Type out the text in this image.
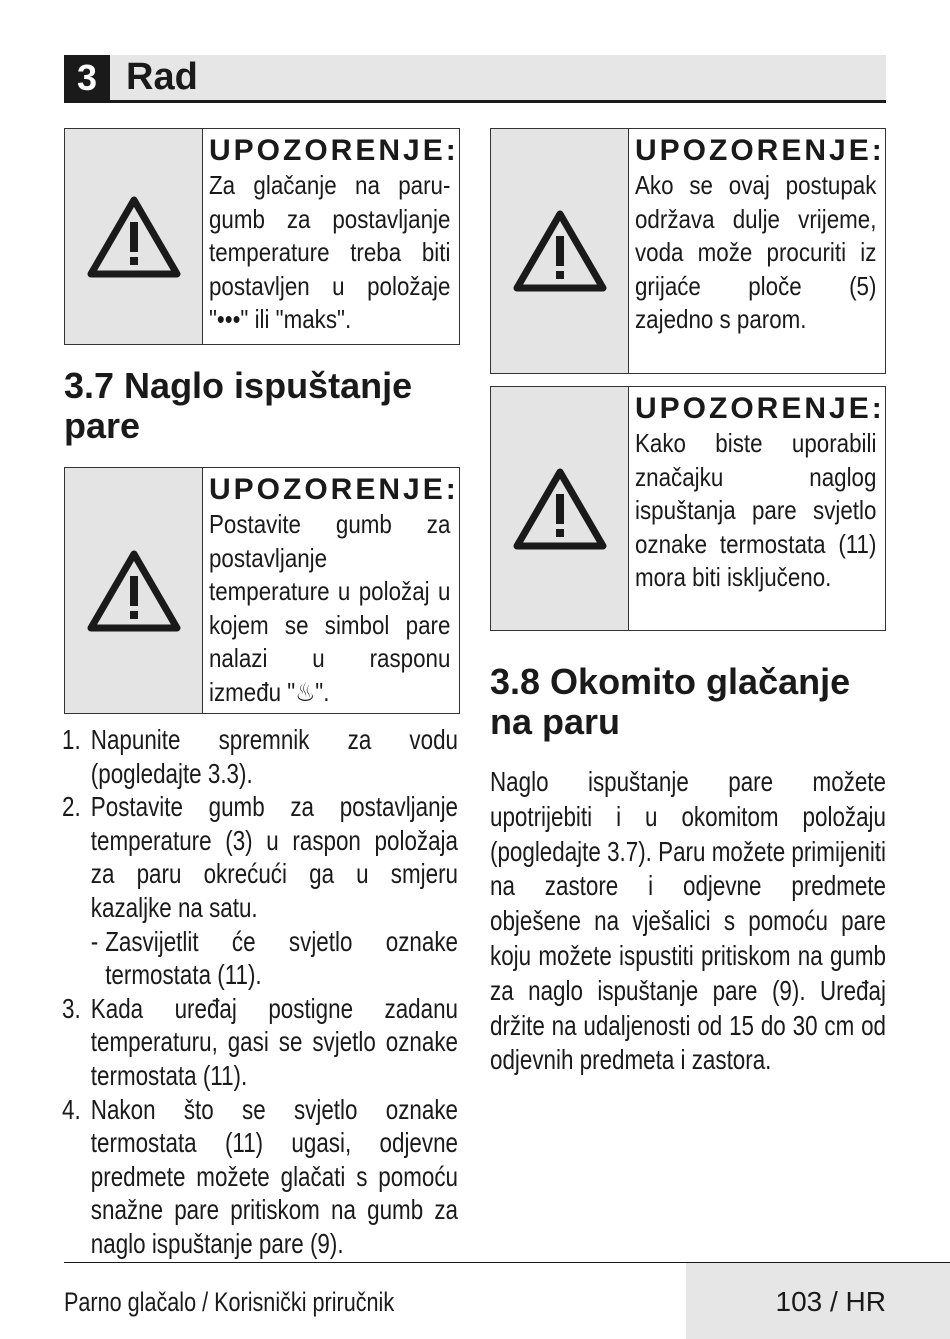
3 Rad
UPOZORENJE:
Za glačanje na paru-gumb za postavljanje temperature treba biti postavljen u položaje "•••" ili "maks".
3.7 Naglo ispuštanje pare
UPOZORENJE:
Postavite gumb za postavljanje temperature u položaj u kojem se simbol pare nalazi u rasponu između "♨".
1. Napunite spremnik za vodu (pogledajte 3.3).
2. Postavite gumb za postavljanje temperature (3) u raspon položaja za paru okrećući ga u smjeru kazaljke na satu.
- Zasvijetlit će svjetlo oznake termostata (11).
3. Kada uređaj postigne zadanu temperaturu, gasi se svjetlo oznake termostata (11).
4. Nakon što se svjetlo oznake termostata (11) ugasi, odjevne predmete možete glačati s pomoću snažne pare pritiskom na gumb za naglo ispuštanje pare (9).
UPOZORENJE:
Ako se ovaj postupak održava dulje vrijeme, voda može procuriti iz grijaće ploče (5) zajedno s parom.
UPOZORENJE:
Kako biste uporabili značajku naglog ispuštanja pare svjetlo oznake termostata (11) mora biti isključeno.
3.8 Okomito glačanje na paru

Naglo ispuštanje pare možete upotrijebiti i u okomitom položaju (pogledajte 3.7). Paru možete primijeniti na zastore i odjevne predmete obješene na vješalici s pomoću pare koju možete ispustiti pritiskom na gumb za naglo ispuštanje pare (9). Uređaj držite na udaljenosti od 15 do 30 cm od odjevnih predmeta i zastora.

Parno glačalo / Korisnički priručnik	103 / HR
